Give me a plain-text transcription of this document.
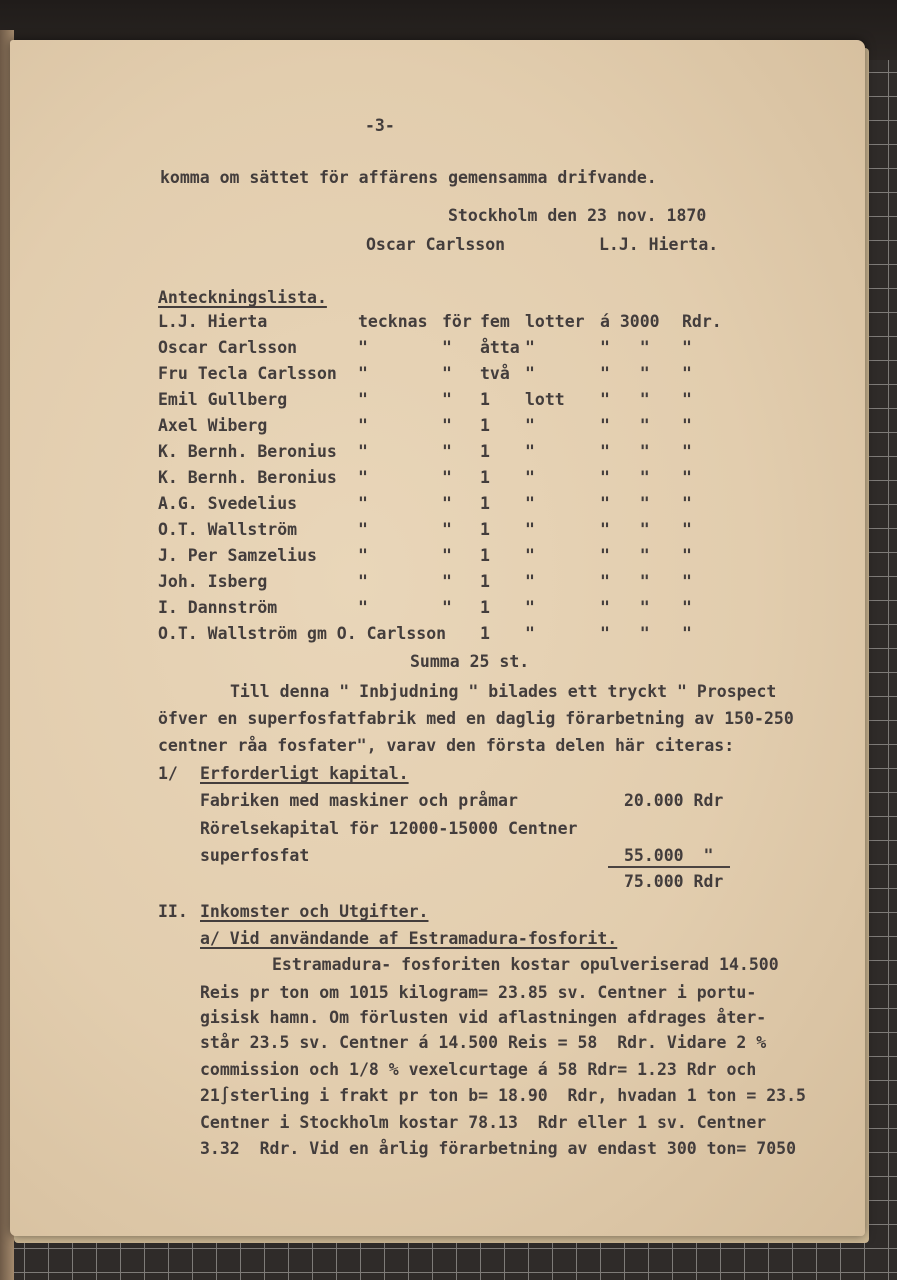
-3-
komma om sättet för affärens gemensamma drifvande.
Stockholm den 23 nov. 1870
Oscar Carlsson	L.J. Hierta.
Anteckningslista.
L.J. Hierta	tecknas för fem lotter á 3000 Rdr.
Oscar Carlsson	"	" åtta "	"   " "
Fru Tecla Carlsson "	" två "	"   " "
Emil Gullberg	"	" 1 lott "   " "
Axel Wiberg	"	" 1 "	"   " "
K. Bernh. Beronius "	" 1 "	"   " "
K. Bernh. Beronius "	" 1 "	"   " "
A.G. Svedelius	"	" 1 "	"   " "
O.T. Wallström	"	" 1 "	"   " "
J. Per Samzelius "	" 1 "	"   " "
Joh. Isberg	"	" 1 "	"   " "
I. Dannström	"	" 1 "	"   " "
O.T. Wallström gm O. Carlsson 1 "	"   " "
Summa 25 st.
Till denna " Inbjudning " bilades ett tryckt " Prospect
öfver en superfosfatfabrik med en daglig förarbetning av 150-250
centner råa fosfater", varav den första delen här citeras:
1/ Erforderligt kapital.
Fabriken med maskiner och pråmar	20.000 Rdr
Rörelsekapital för 12000-15000 Centner
superfosfat	55.000  "
75.000 Rdr
II. Inkomster och Utgifter.
a/ Vid användande af Estramadura-fosforit.
Estramadura- fosforiten kostar opulveriserad 14.500
Reis pr ton om 1015 kilogram= 23.85 sv. Centner i portu-
gisisk hamn. Om förlusten vid aflastningen afdrages åter-
står 23.5 sv. Centner á 14.500 Reis = 58  Rdr. Vidare 2 %
commission och 1/8 % vexelcurtage á 58 Rdr= 1.23 Rdr och
21∫sterling i frakt pr ton b= 18.90  Rdr, hvadan 1 ton = 23.5
Centner i Stockholm kostar 78.13  Rdr eller 1 sv. Centner
3.32  Rdr. Vid en årlig förarbetning av endast 300 ton= 7050
